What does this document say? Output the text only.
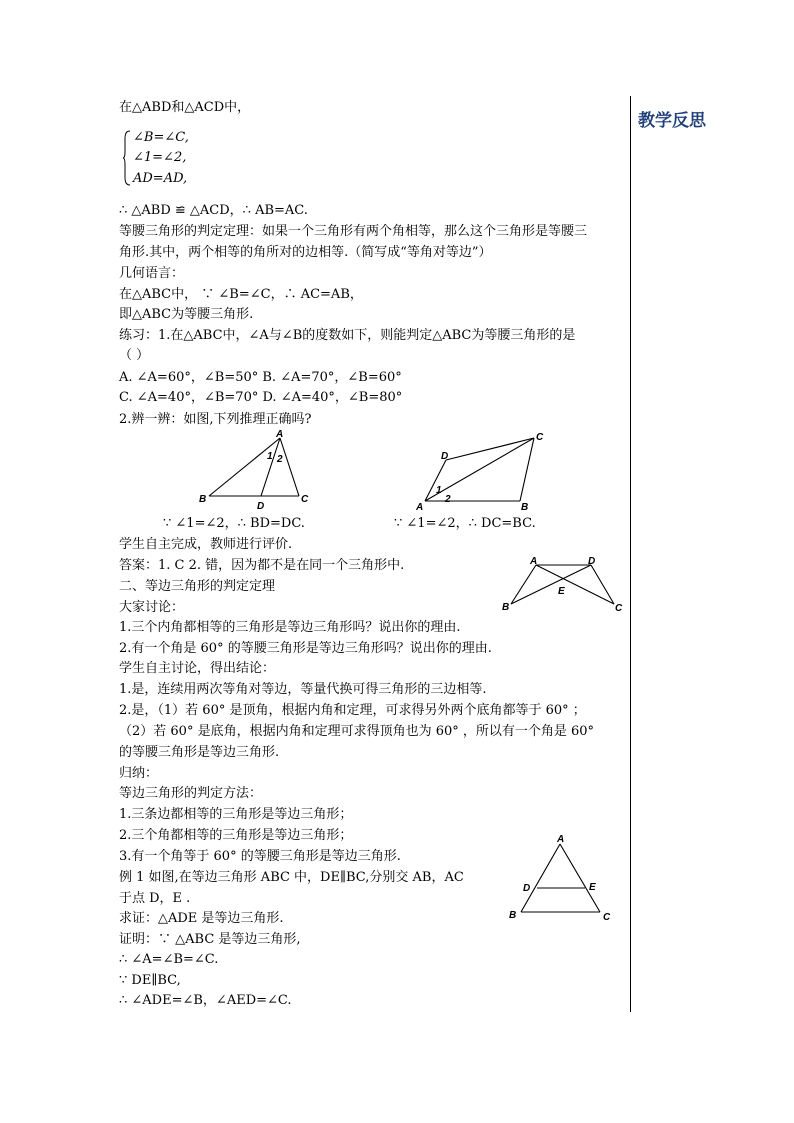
教学反思
在△ABD和△ACD中，
∠B=∠C,
∠1=∠2,
AD=AD,
∴ △ABD ≌ △ACD，∴ AB=AC.
等腰三角形的判定定理：如果一个三角形有两个角相等，那么这个三角形是等腰三
角形.其中，两个相等的角所对的边相等.（简写成“等角对等边”）
几何语言：
在△ABC中， ∵ ∠B=∠C，∴ AC=AB，
即△ABC为等腰三角形.
练习：1.在△ABC中，∠A与∠B的度数如下，则能判定△ABC为等腰三角形的是
（ ）
A. ∠A=60°，∠B=50° B. ∠A=70°，∠B=60°
C. ∠A=40°，∠B=70° D. ∠A=40°，∠B=80°
2.辨一辨：如图,下列推理正确吗?
A
B	C
D
1 2
A	B
C
D
1
2
∵ ∠1=∠2，∴ BD=DC.	∵ ∠1=∠2，∴ DC=BC.
学生自主完成，教师进行评价.
答案：1. C 2. 错，因为都不是在同一个三角形中.	A	D
B	C
E
二、等边三角形的判定定理
大家讨论：
1.三个内角都相等的三角形是等边三角形吗？说出你的理由.
2.有一个角是 60° 的等腰三角形是等边三角形吗？说出你的理由.
学生自主讨论，得出结论：
1.是，连续用两次等角对等边，等量代换可得三角形的三边相等.
2.是，（1）若 60° 是顶角，根据内角和定理，可求得另外两个底角都等于 60° ；
（2）若 60° 是底角，根据内角和定理可求得顶角也为 60° ，所以有一个角是 60°
的等腰三角形是等边三角形.
归纳：
等边三角形的判定方法：
1.三条边都相等的三角形是等边三角形；
2.三个角都相等的三角形是等边三角形；
3.有一个角等于 60° 的等腰三角形是等边三角形.
A
B	C
D	E
例 1 如图,在等边三角形 ABC 中，DE∥BC,分别交 AB，AC
于点 D，E .
求证：△ADE 是等边三角形.
证明：∵ △ABC 是等边三角形,
∴ ∠A=∠B=∠C.
∵ DE∥BC,
∴ ∠ADE=∠B，∠AED=∠C.
